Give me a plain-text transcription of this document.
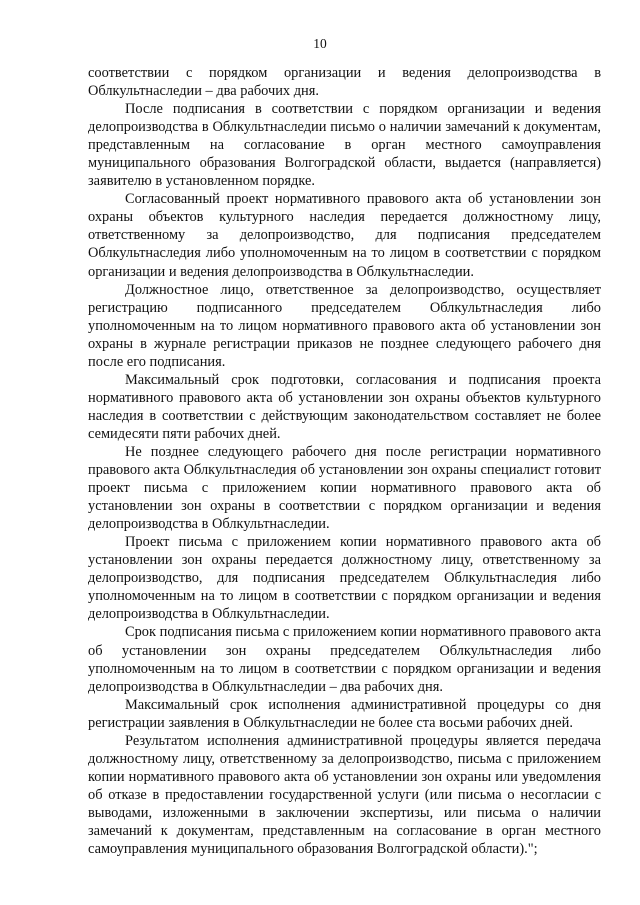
10

соответствии с порядком организации и ведения делопроизводства в Облкультнаследии – два рабочих дня.

После подписания в соответствии с порядком организации и ведения делопроизводства в Облкультнаследии письмо о наличии замечаний к документам, представленным на согласование в орган местного самоуправления муниципального образования Волгоградской области, выдается (направляется) заявителю в установленном порядке.

Согласованный проект нормативного правового акта об установлении зон охраны объектов культурного наследия передается должностному лицу, ответственному за делопроизводство, для подписания председателем Облкультнаследия либо уполномоченным на то лицом в соответствии с порядком организации и ведения делопроизводства в Облкультнаследии.

Должностное лицо, ответственное за делопроизводство, осуществляет регистрацию подписанного председателем Облкультнаследия либо уполномоченным на то лицом нормативного правового акта об установлении зон охраны в журнале регистрации приказов не позднее следующего рабочего дня после его подписания.

Максимальный срок подготовки, согласования и подписания проекта нормативного правового акта об установлении зон охраны объектов культурного наследия в соответствии с действующим законодательством составляет не более семидесяти пяти рабочих дней.

Не позднее следующего рабочего дня после регистрации нормативного правового акта Облкультнаследия об установлении зон охраны специалист готовит проект письма с приложением копии нормативного правового акта об установлении зон охраны в соответствии с порядком организации и ведения делопроизводства в Облкультнаследии.

Проект письма с приложением копии нормативного правового акта об установлении зон охраны передается должностному лицу, ответственному за делопроизводство, для подписания председателем Облкультнаследия либо уполномоченным на то лицом в соответствии с порядком организации и ведения делопроизводства в Облкультнаследии.

Срок подписания письма с приложением копии нормативного правового акта об установлении зон охраны председателем Облкультнаследия либо уполномоченным на то лицом в соответствии с порядком организации и ведения делопроизводства в Облкультнаследии – два рабочих дня.

Максимальный срок исполнения административной процедуры со дня регистрации заявления в Облкультнаследии не более ста восьми рабочих дней.

Результатом исполнения административной процедуры является передача должностному лицу, ответственному за делопроизводство, письма с приложением копии нормативного правового акта об установлении зон охраны или уведомления об отказе в предоставлении государственной услуги (или письма о несогласии с выводами, изложенными в заключении экспертизы, или письма о наличии замечаний к документам, представленным на согласование в орган местного самоуправления муниципального образования Волгоградской области).";
